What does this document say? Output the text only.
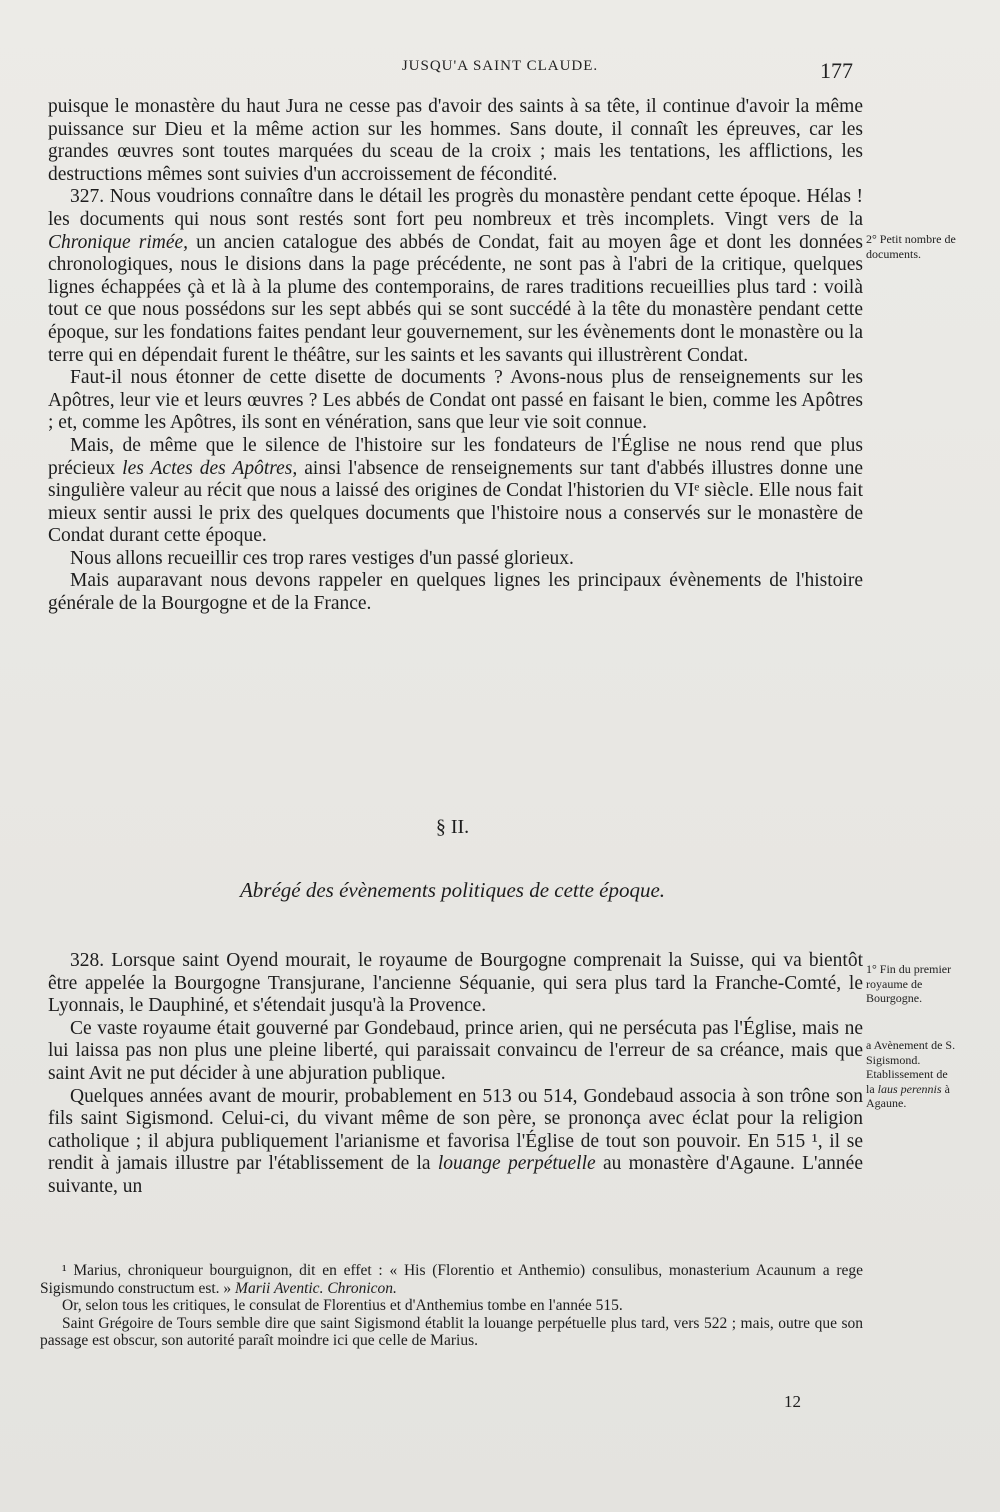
JUSQU'A SAINT CLAUDE.	177

puisque le monastère du haut Jura ne cesse pas d'avoir des saints à sa tête, il continue d'avoir la même puissance sur Dieu et la même action sur les hommes. Sans doute, il connaît les épreuves, car les grandes œuvres sont toutes marquées du sceau de la croix ; mais les tentations, les afflictions, les destructions mêmes sont suivies d'un accroissement de fécondité.

327. Nous voudrions connaître dans le détail les progrès du monastère pendant cette époque. Hélas ! les documents qui nous sont restés sont fort peu nombreux et très incomplets. Vingt vers de la Chronique rimée, un ancien catalogue des abbés de Condat, fait au moyen âge et dont les données chronologiques, nous le disions dans la page précédente, ne sont pas à l'abri de la critique, quelques lignes échappées çà et là à la plume des contemporains, de rares traditions recueillies plus tard : voilà tout ce que nous possédons sur les sept abbés qui se sont succédé à la tête du monastère pendant cette époque, sur les fondations faites pendant leur gouvernement, sur les évènements dont le monastère ou la terre qui en dépendait furent le théâtre, sur les saints et les savants qui illustrèrent Condat.

Faut-il nous étonner de cette disette de documents ? Avons-nous plus de renseignements sur les Apôtres, leur vie et leurs œuvres ? Les abbés de Condat ont passé en faisant le bien, comme les Apôtres ; et, comme les Apôtres, ils sont en vénération, sans que leur vie soit connue.

Mais, de même que le silence de l'histoire sur les fondateurs de l'Église ne nous rend que plus précieux les Actes des Apôtres, ainsi l'absence de renseignements sur tant d'abbés illustres donne une singulière valeur au récit que nous a laissé des origines de Condat l'historien du VIᵉ siècle. Elle nous fait mieux sentir aussi le prix des quelques documents que l'histoire nous a conservés sur le monastère de Condat durant cette époque.

Nous allons recueillir ces trop rares vestiges d'un passé glorieux.

Mais auparavant nous devons rappeler en quelques lignes les principaux évènements de l'histoire générale de la Bourgogne et de la France.

§ II.
Abrégé des évènements politiques de cette époque.

328. Lorsque saint Oyend mourait, le royaume de Bourgogne comprenait la Suisse, qui va bientôt être appelée la Bourgogne Transjurane, l'ancienne Séquanie, qui sera plus tard la Franche-Comté, le Lyonnais, le Dauphiné, et s'étendait jusqu'à la Provence.

Ce vaste royaume était gouverné par Gondebaud, prince arien, qui ne persécuta pas l'Église, mais ne lui laissa pas non plus une pleine liberté, qui paraissait convaincu de l'erreur de sa créance, mais que saint Avit ne put décider à une abjuration publique.

Quelques années avant de mourir, probablement en 513 ou 514, Gondebaud associa à son trône son fils saint Sigismond. Celui-ci, du vivant même de son père, se prononça avec éclat pour la religion catholique ; il abjura publiquement l'arianisme et favorisa l'Église de tout son pouvoir. En 515 ¹, il se rendit à jamais illustre par l'établissement de la louange perpétuelle au monastère d'Agaune. L'année suivante, un

2° Petit nombre de documents.
1° Fin du premier royaume de Bourgogne.
a Avènement de S. Sigismond. Etablissement de la laus perennis à Agaune.

¹ Marius, chroniqueur bourguignon, dit en effet : « His (Florentio et Anthemio) consulibus, monasterium Acaunum a rege Sigismundo constructum est. » Marii Aventic. Chronicon.

Or, selon tous les critiques, le consulat de Florentius et d'Anthemius tombe en l'année 515.

Saint Grégoire de Tours semble dire que saint Sigismond établit la louange perpétuelle plus tard, vers 522 ; mais, outre que son passage est obscur, son autorité paraît moindre ici que celle de Marius.

12
